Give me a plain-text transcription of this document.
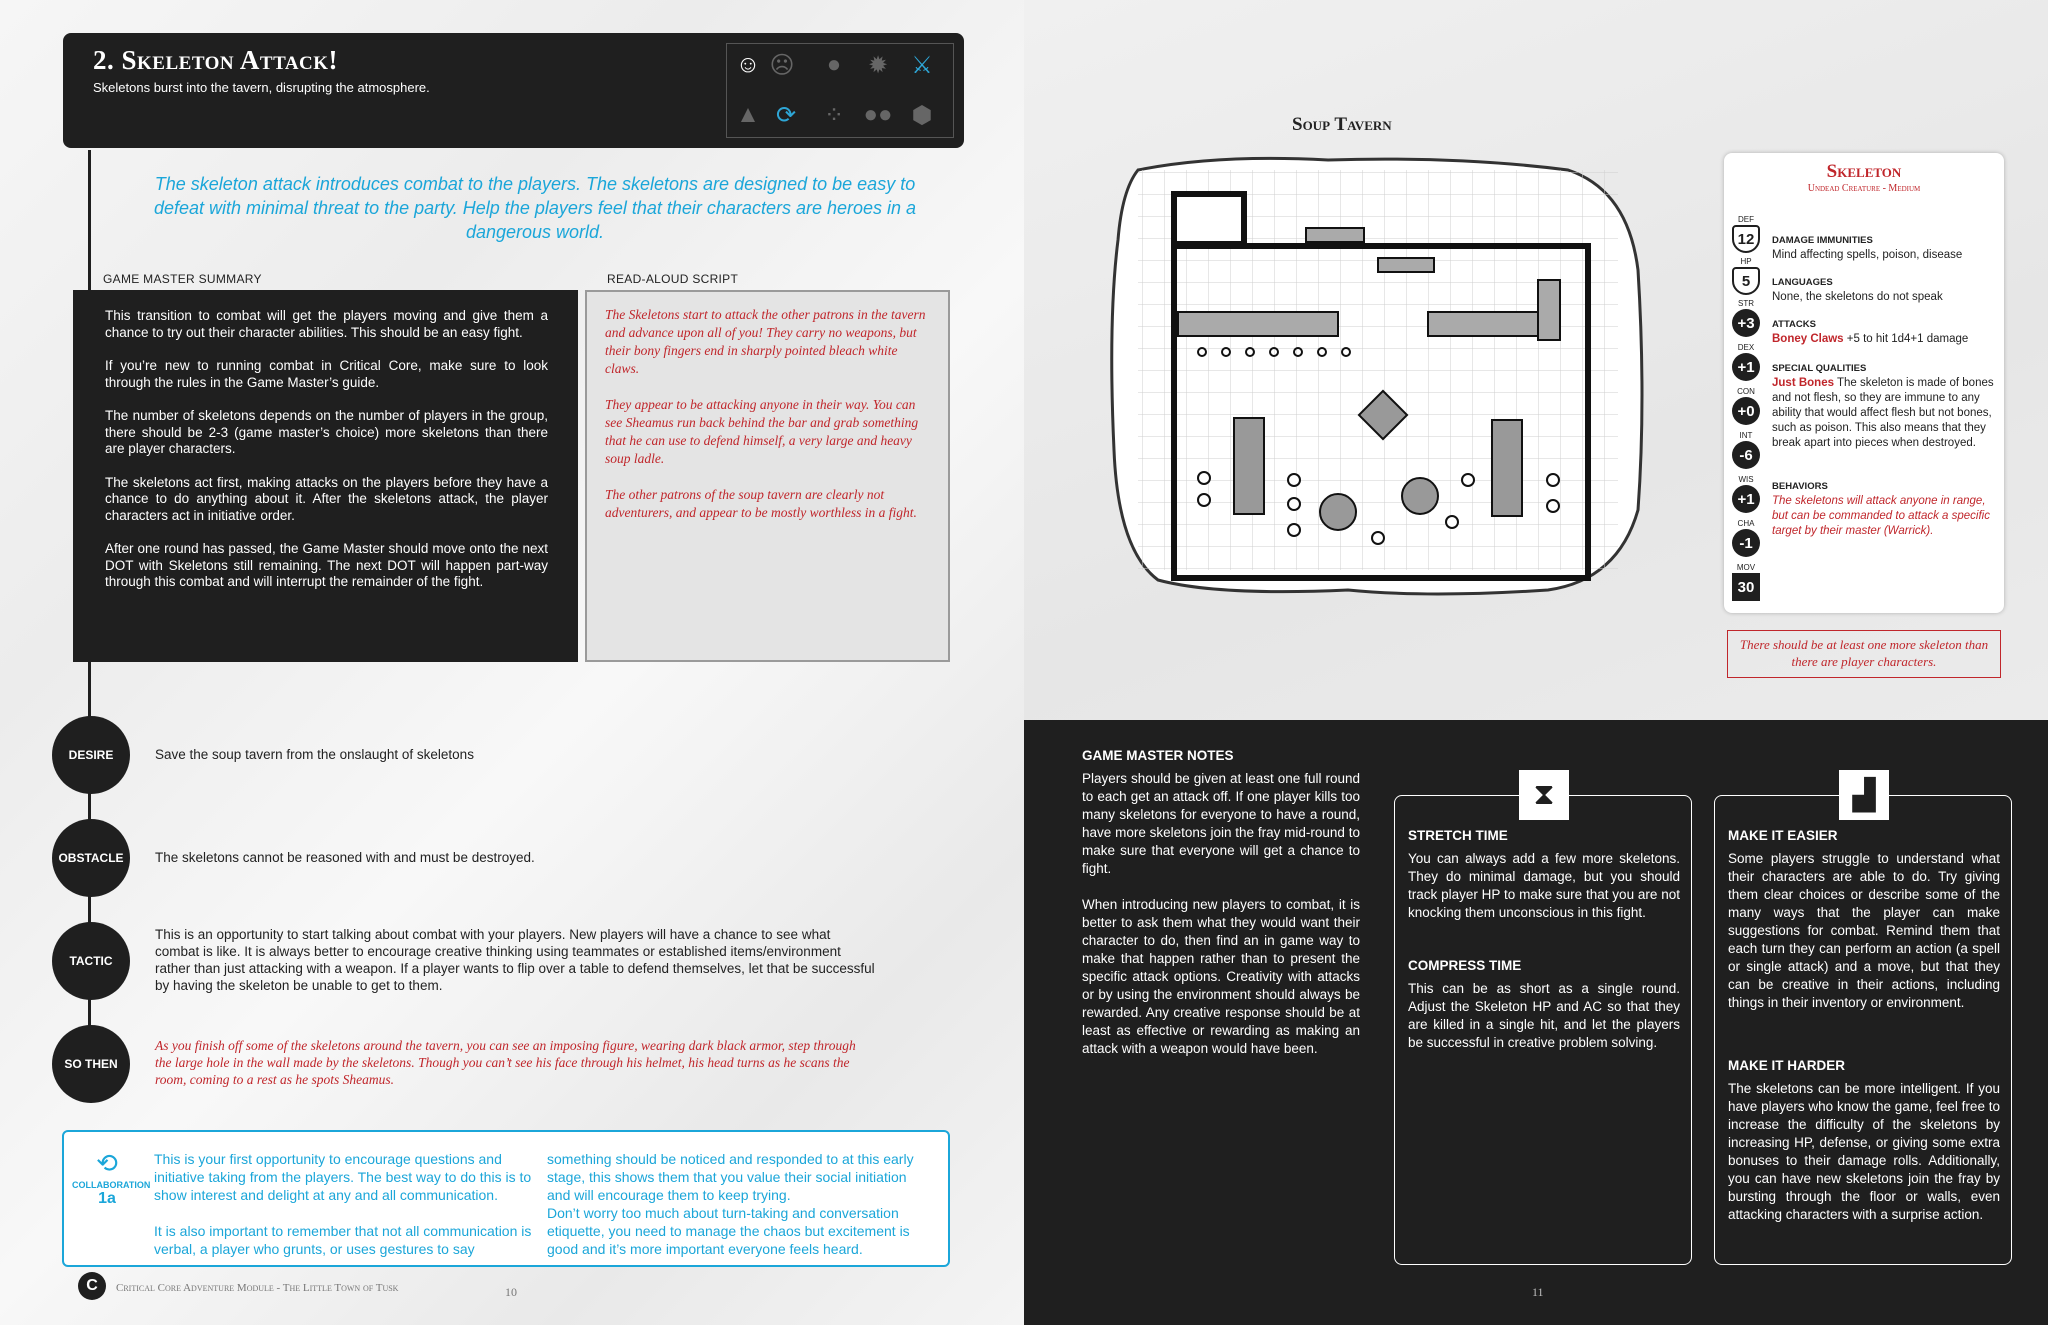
2. Skeleton Attack!
Skeletons burst into the tavern, disrupting the atmosphere.
☺ ☹	●	✹ ⚔
▲ ⟳ ⁘ ●● ⬢
The skeleton attack introduces combat to the players. The skeletons are designed to be easy to defeat with minimal threat to the party. Help the players feel that their characters are heroes in a dangerous world.
GAME MASTER SUMMARY	READ-ALOUD SCRIPT

This transition to combat will get the players moving and give them a chance to try out their character abilities. This should be an easy fight.

If you’re new to running combat in Critical Core, make sure to look through the rules in the Game Master’s guide.

The number of skeletons depends on the number of players in the group, there should be 2-3 (game master’s choice) more skeletons than there are player characters.

The skeletons act first, making attacks on the players before they have a chance to do anything about it. After the skeletons attack, the player characters act in initiative order.

After one round has passed, the Game Master should move onto the next DOT with Skeletons still remaining. The next DOT will happen part-way through this combat and will interrupt the remainder of the fight.

The Skeletons start to attack the other patrons in the tavern and advance upon all of you! They carry no weapons, but their bony fingers end in sharply pointed bleach white claws.

They appear to be attacking anyone in their way. You can see Sheamus run back behind the bar and grab something that he can use to defend himself, a very large and heavy soup ladle.

The other patrons of the soup tavern are clearly not adventurers, and appear to be mostly worthless in a fight.

DESIRE	Save the soup tavern from the onslaught of skeletons
OBSTACLE	The skeletons cannot be reasoned with and must be destroyed.
TACTIC
This is an opportunity to start talking about combat with your players. New players will have a chance to see what combat is like. It is always better to encourage creative thinking using teammates or established items/environment rather than just attacking with a weapon. If a player wants to flip over a table to defend themselves, let that be successful by having the skeleton be unable to get to them.
SO THEN
As you finish off some of the skeletons around the tavern, you can see an imposing figure, wearing dark black armor, step through the large hole in the wall made by the skeletons. Though you can’t see his face through his helmet, his head turns as he scans the room, coming to a rest as he spots Sheamus.
⟲
COLLABORATION
1a

This is your first opportunity to encourage questions and initiative taking from the players. The best way to do this is to show interest and delight at any and all communication.

It is also important to remember that not all communication is verbal, a player who grunts, or uses gestures to say

something should be noticed and responded to at this early stage, this shows them that you value their social initiation and will encourage them to keep trying.

Don’t worry too much about turn-taking and conversation etiquette, you need to manage the chaos but excitement is good and it’s more important everyone feels heard.

C	Critical Core Adventure Module - The Little Town of Tusk	10
Soup Tavern
Skeleton
Undead Creature - Medium
DEF
12
HP
5
STR
+3
DEX
+1
CON
+0
INT
-6
WIS
+1
CHA
-1
MOV
30
DAMAGE IMMUNITIES
Mind affecting spells, poison, disease
LANGUAGES
None, the skeletons do not speak
ATTACKS
Boney Claws +5 to hit 1d4+1 damage
SPECIAL QUALITIES
Just Bones The skeleton is made of bones and not flesh, so they are immune to any ability that would affect flesh but not bones, such as poison. This also means that they break apart into pieces when destroyed.
BEHAVIORS
The skeletons will attack anyone in range, but can be commanded to attack a specific target by their master (Warrick).
There should be at least one more skeleton than there are player characters.
GAME MASTER NOTES

Players should be given at least one full round to each get an attack off. If one player kills too many skeletons for everyone to have a round, have more skeletons join the fray mid-round to make sure that everyone will get a chance to fight.

When introducing new players to combat, it is better to ask them what they would want their character to do, then find an in game way to make that happen rather than to present the specific attack options. Creativity with attacks or by using the environment should always be rewarded. Any creative response should be at least as effective or rewarding as making an attack with a weapon would have been.

⧗
STRETCH TIME
You can always add a few more skeletons. They do minimal damage, but you should track player HP to make sure that you are not knocking them unconscious in this fight.
COMPRESS TIME
This can be as short as a single round. Adjust the Skeleton HP and AC so that they are killed in a single hit, and let the players be successful in creative problem solving.
▟
MAKE IT EASIER
Some players struggle to understand what their characters are able to do. Try giving them clear choices or describe some of the many ways that the player can make suggestions for combat. Remind them that each turn they can perform an action (a spell or single attack) and a move, but that they can be creative in their actions, including things in their inventory or environment.
MAKE IT HARDER
The skeletons can be more intelligent. If you have players who know the game, feel free to increase the difficulty of the skeletons by increasing HP, defense, or giving some extra bonuses to their damage rolls. Additionally, you can have new skeletons join the fray by bursting through the floor or walls, even attacking characters with a surprise action.
11
